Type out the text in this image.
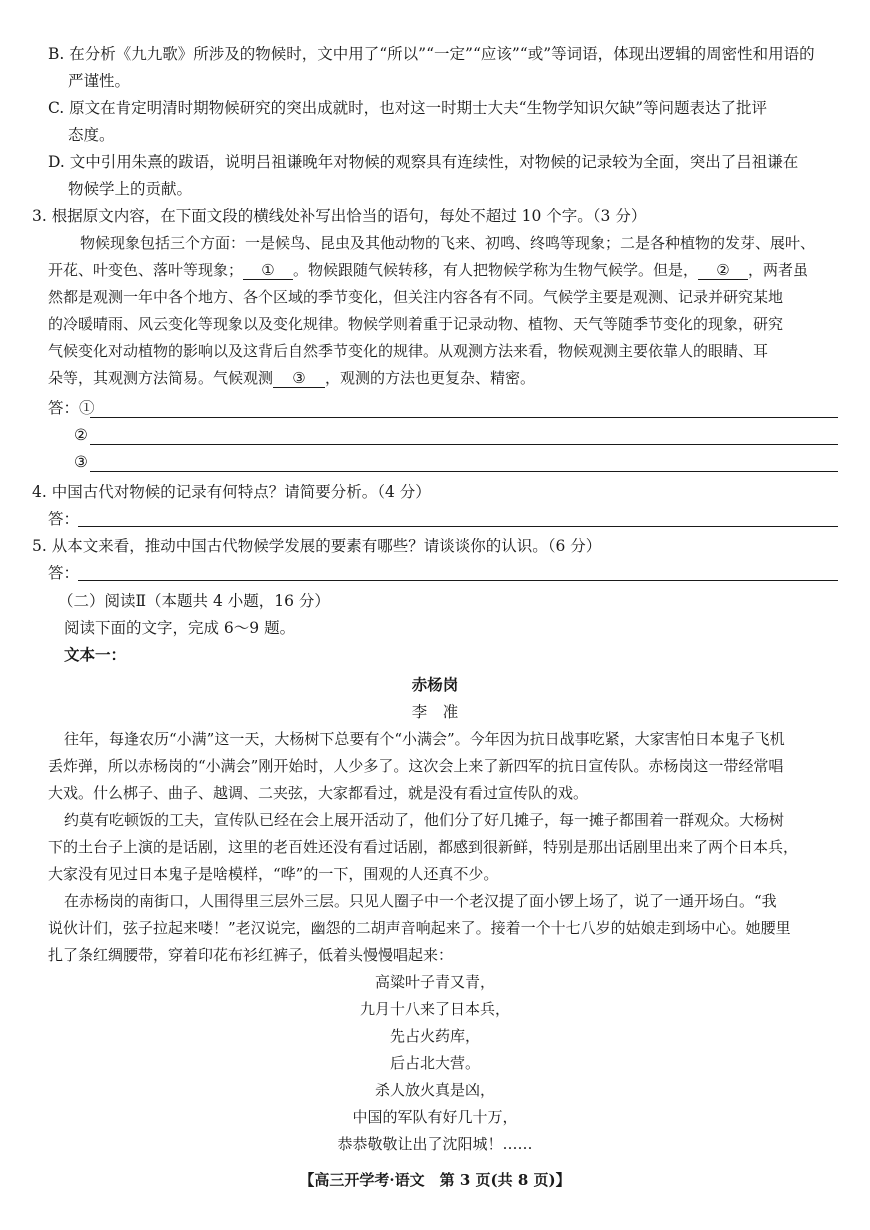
B. 在分析《九九歌》所涉及的物候时，文中用了“所以”“一定”“应该”“或”等词语，体现出逻辑的周密性和用语的
严谨性。
C. 原文在肯定明清时期物候研究的突出成就时，也对这一时期士大夫“生物学知识欠缺”等问题表达了批评
态度。
D. 文中引用朱熹的跋语，说明吕祖谦晚年对物候的观察具有连续性，对物候的记录较为全面，突出了吕祖谦在
物候学上的贡献。
3. 根据原文内容，在下面文段的横线处补写出恰当的语句，每处不超过 10 个字。（3 分）
物候现象包括三个方面：一是候鸟、昆虫及其他动物的飞来、初鸣、终鸣等现象；二是各种植物的发芽、展叶、
开花、叶变色、落叶等现象； ① 。物候跟随气候转移，有人把物候学称为生物气候学。但是， ② ，两者虽
然都是观测一年中各个地方、各个区域的季节变化，但关注内容各有不同。气候学主要是观测、记录并研究某地
的冷暖晴雨、风云变化等现象以及变化规律。物候学则着重于记录动物、植物、天气等随季节变化的现象，研究
气候变化对动植物的影响以及这背后自然季节变化的规律。从观测方法来看，物候观测主要依靠人的眼睛、耳
朵等，其观测方法简易。气候观测 ③ ，观测的方法也更复杂、精密。
答：①
②
③
4. 中国古代对物候的记录有何特点？请简要分析。（4 分）
答：
5. 从本文来看，推动中国古代物候学发展的要素有哪些？请谈谈你的认识。（6 分）
答：
（二）阅读Ⅱ（本题共 4 小题，16 分）
阅读下面的文字，完成 6～9 题。
文本一：
赤杨岗
李　准
往年，每逢农历“小满”这一天，大杨树下总要有个“小满会”。今年因为抗日战事吃紧，大家害怕日本鬼子飞机
丢炸弹，所以赤杨岗的“小满会”刚开始时，人少多了。这次会上来了新四军的抗日宣传队。赤杨岗这一带经常唱
大戏。什么梆子、曲子、越调、二夹弦，大家都看过，就是没有看过宣传队的戏。
约莫有吃顿饭的工夫，宣传队已经在会上展开活动了，他们分了好几摊子，每一摊子都围着一群观众。大杨树
下的土台子上演的是话剧，这里的老百姓还没有看过话剧，都感到很新鲜，特别是那出话剧里出来了两个日本兵，
大家没有见过日本鬼子是啥模样，“哗”的一下，围观的人还真不少。
在赤杨岗的南街口，人围得里三层外三层。只见人圈子中一个老汉提了面小锣上场了，说了一通开场白。“我
说伙计们，弦子拉起来喽！”老汉说完，幽怨的二胡声音响起来了。接着一个十七八岁的姑娘走到场中心。她腰里
扎了条红绸腰带，穿着印花布衫红裤子，低着头慢慢唱起来：
高粱叶子青又青，
九月十八来了日本兵，
先占火药库，
后占北大营。
杀人放火真是凶，
中国的军队有好几十万，
恭恭敬敬让出了沈阳城！……
【高三开学考·语文　第 3 页(共 8 页)】
